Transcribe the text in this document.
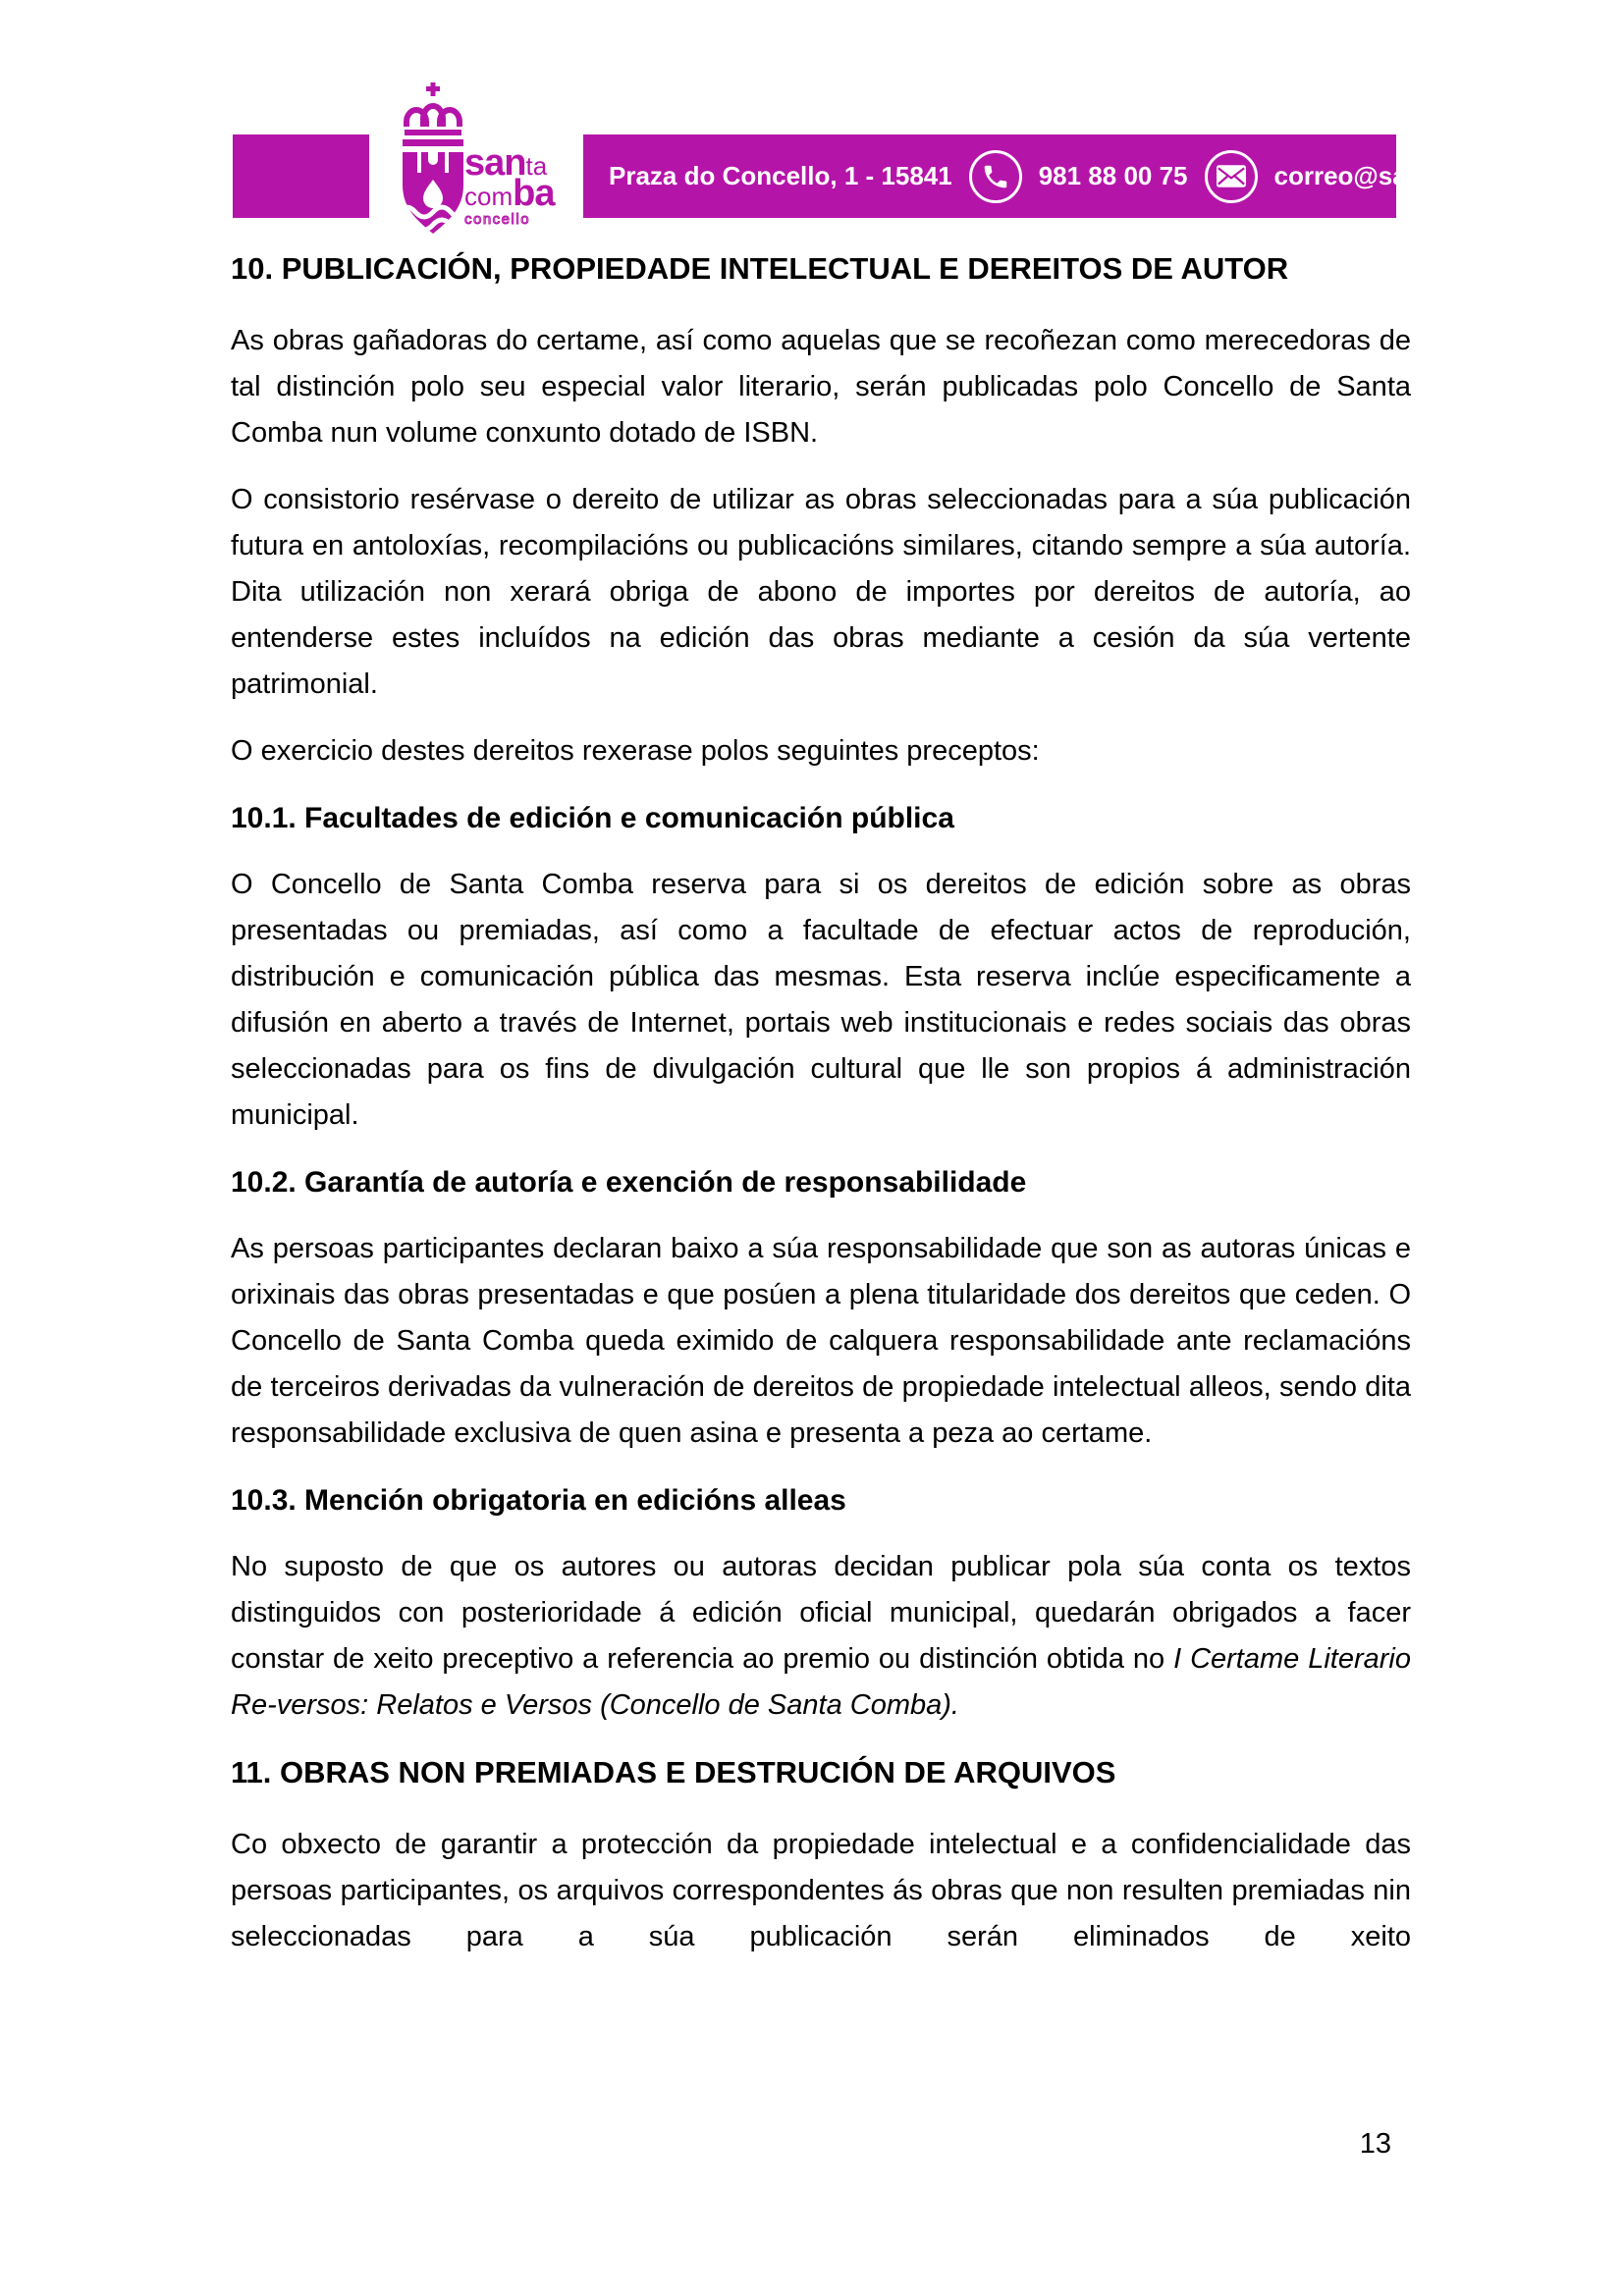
santa
comba
concello
Praza do Concello, 1 - 15841	981 88 00 75	correo@santacomba.es
10. PUBLICACIÓN, PROPIEDADE INTELECTUAL E DEREITOS DE AUTOR

As obras gañadoras do certame, así como aquelas que se recoñezan como merecedoras de tal distinción polo seu especial valor literario, serán publicadas polo Concello de Santa Comba nun volume conxunto dotado de ISBN.

O consistorio resérvase o dereito de utilizar as obras seleccionadas para a súa publicación futura en antoloxías, recompilacións ou publicacións similares, citando sempre a súa autoría. Dita utilización non xerará obriga de abono de importes por dereitos de autoría, ao entenderse estes incluídos na edición das obras mediante a cesión da súa vertente patrimonial.

O exercicio destes dereitos rexerase polos seguintes preceptos:

10.1. Facultades de edición e comunicación pública

O Concello de Santa Comba reserva para si os dereitos de edición sobre as obras presentadas ou premiadas, así como a facultade de efectuar actos de reprodución, distribución e comunicación pública das mesmas. Esta reserva inclúe especificamente a difusión en aberto a través de Internet, portais web institucionais e redes sociais das obras seleccionadas para os fins de divulgación cultural que lle son propios á administración municipal.

10.2. Garantía de autoría e exención de responsabilidade

As persoas participantes declaran baixo a súa responsabilidade que son as autoras únicas e orixinais das obras presentadas e que posúen a plena titularidade dos dereitos que ceden. O Concello de Santa Comba queda eximido de calquera responsabilidade ante reclamacións de terceiros derivadas da vulneración de dereitos de propiedade intelectual alleos, sendo dita responsabilidade exclusiva de quen asina e presenta a peza ao certame.

10.3. Mención obrigatoria en edicións alleas

No suposto de que os autores ou autoras decidan publicar pola súa conta os textos distinguidos con posterioridade á edición oficial municipal, quedarán obrigados a facer constar de xeito preceptivo a referencia ao premio ou distinción obtida no I Certame Literario Re-versos: Relatos e Versos (Concello de Santa Comba).

11. OBRAS NON PREMIADAS E DESTRUCIÓN DE ARQUIVOS

Co obxecto de garantir a protección da propiedade intelectual e a confidencialidade das persoas participantes, os arquivos correspondentes ás obras que non resulten premiadas nin seleccionadas para a súa publicación serán eliminados de xeito

13
